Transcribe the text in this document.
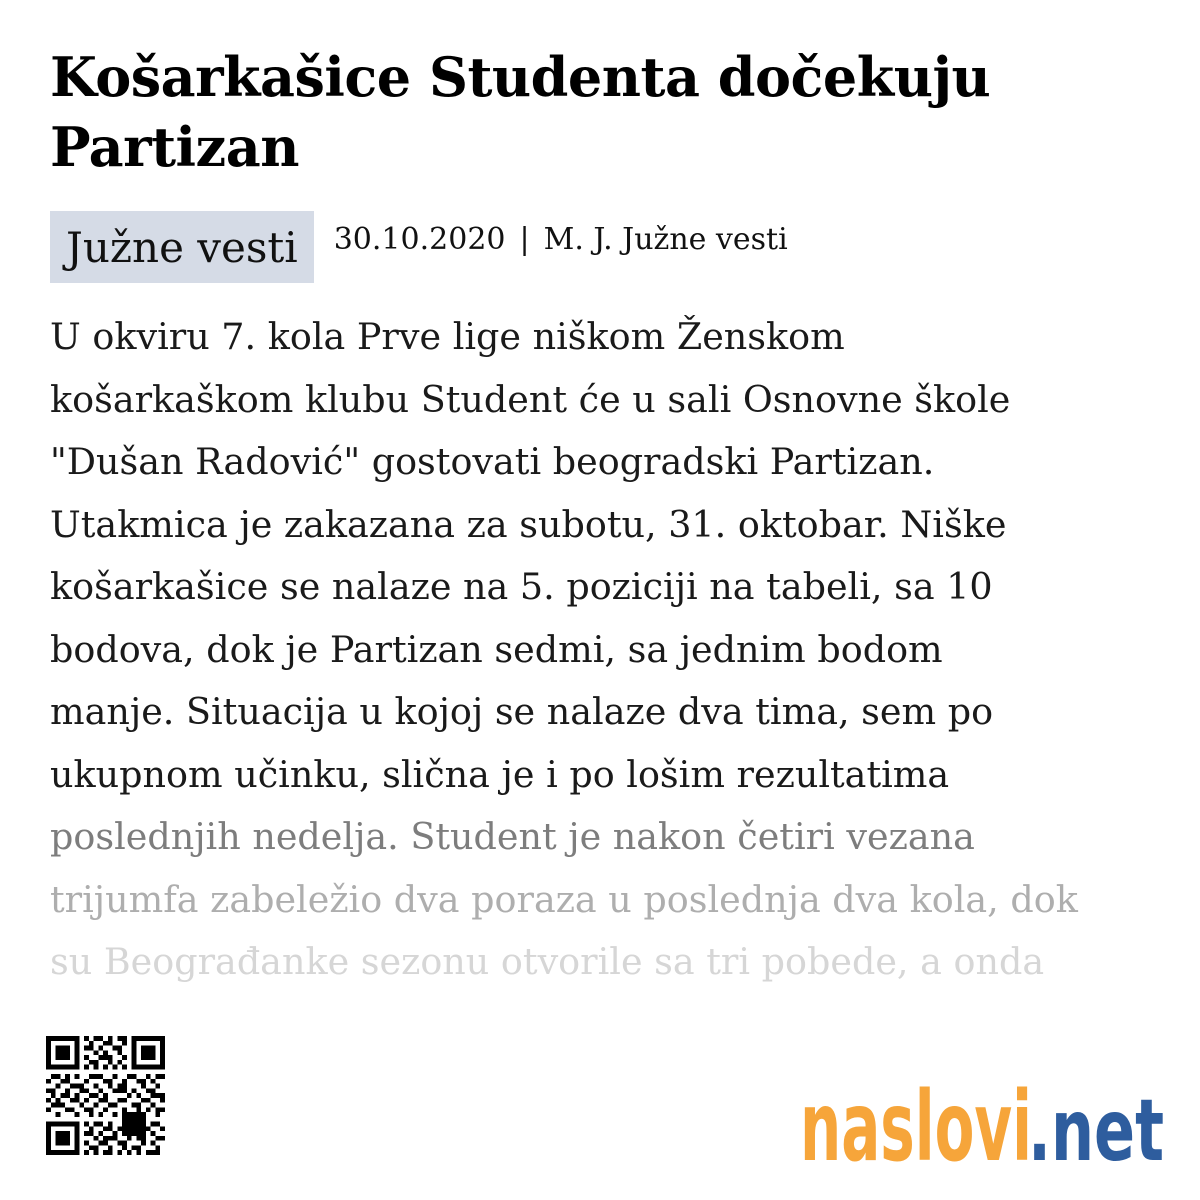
Košarkašice Studenta dočekuju Partizan
Južne vesti	30.10.2020 | M. J. Južne vesti
U okviru 7. kola Prve lige niškom Ženskom
košarkaškom klubu Student će u sali Osnovne škole
"Dušan Radović" gostovati beogradski Partizan.
Utakmica je zakazana za subotu, 31. oktobar. Niške
košarkašice se nalaze na 5. poziciji na tabeli, sa 10
bodova, dok je Partizan sedmi, sa jednim bodom
manje. Situacija u kojoj se nalaze dva tima, sem po
ukupnom učinku, slična je i po lošim rezultatima
poslednjih nedelja. Student je nakon četiri vezana
trijumfa zabeležio dva poraza u poslednja dva kola, dok
su Beograđanke sezonu otvorile sa tri pobede, a onda
naslovi
.net
